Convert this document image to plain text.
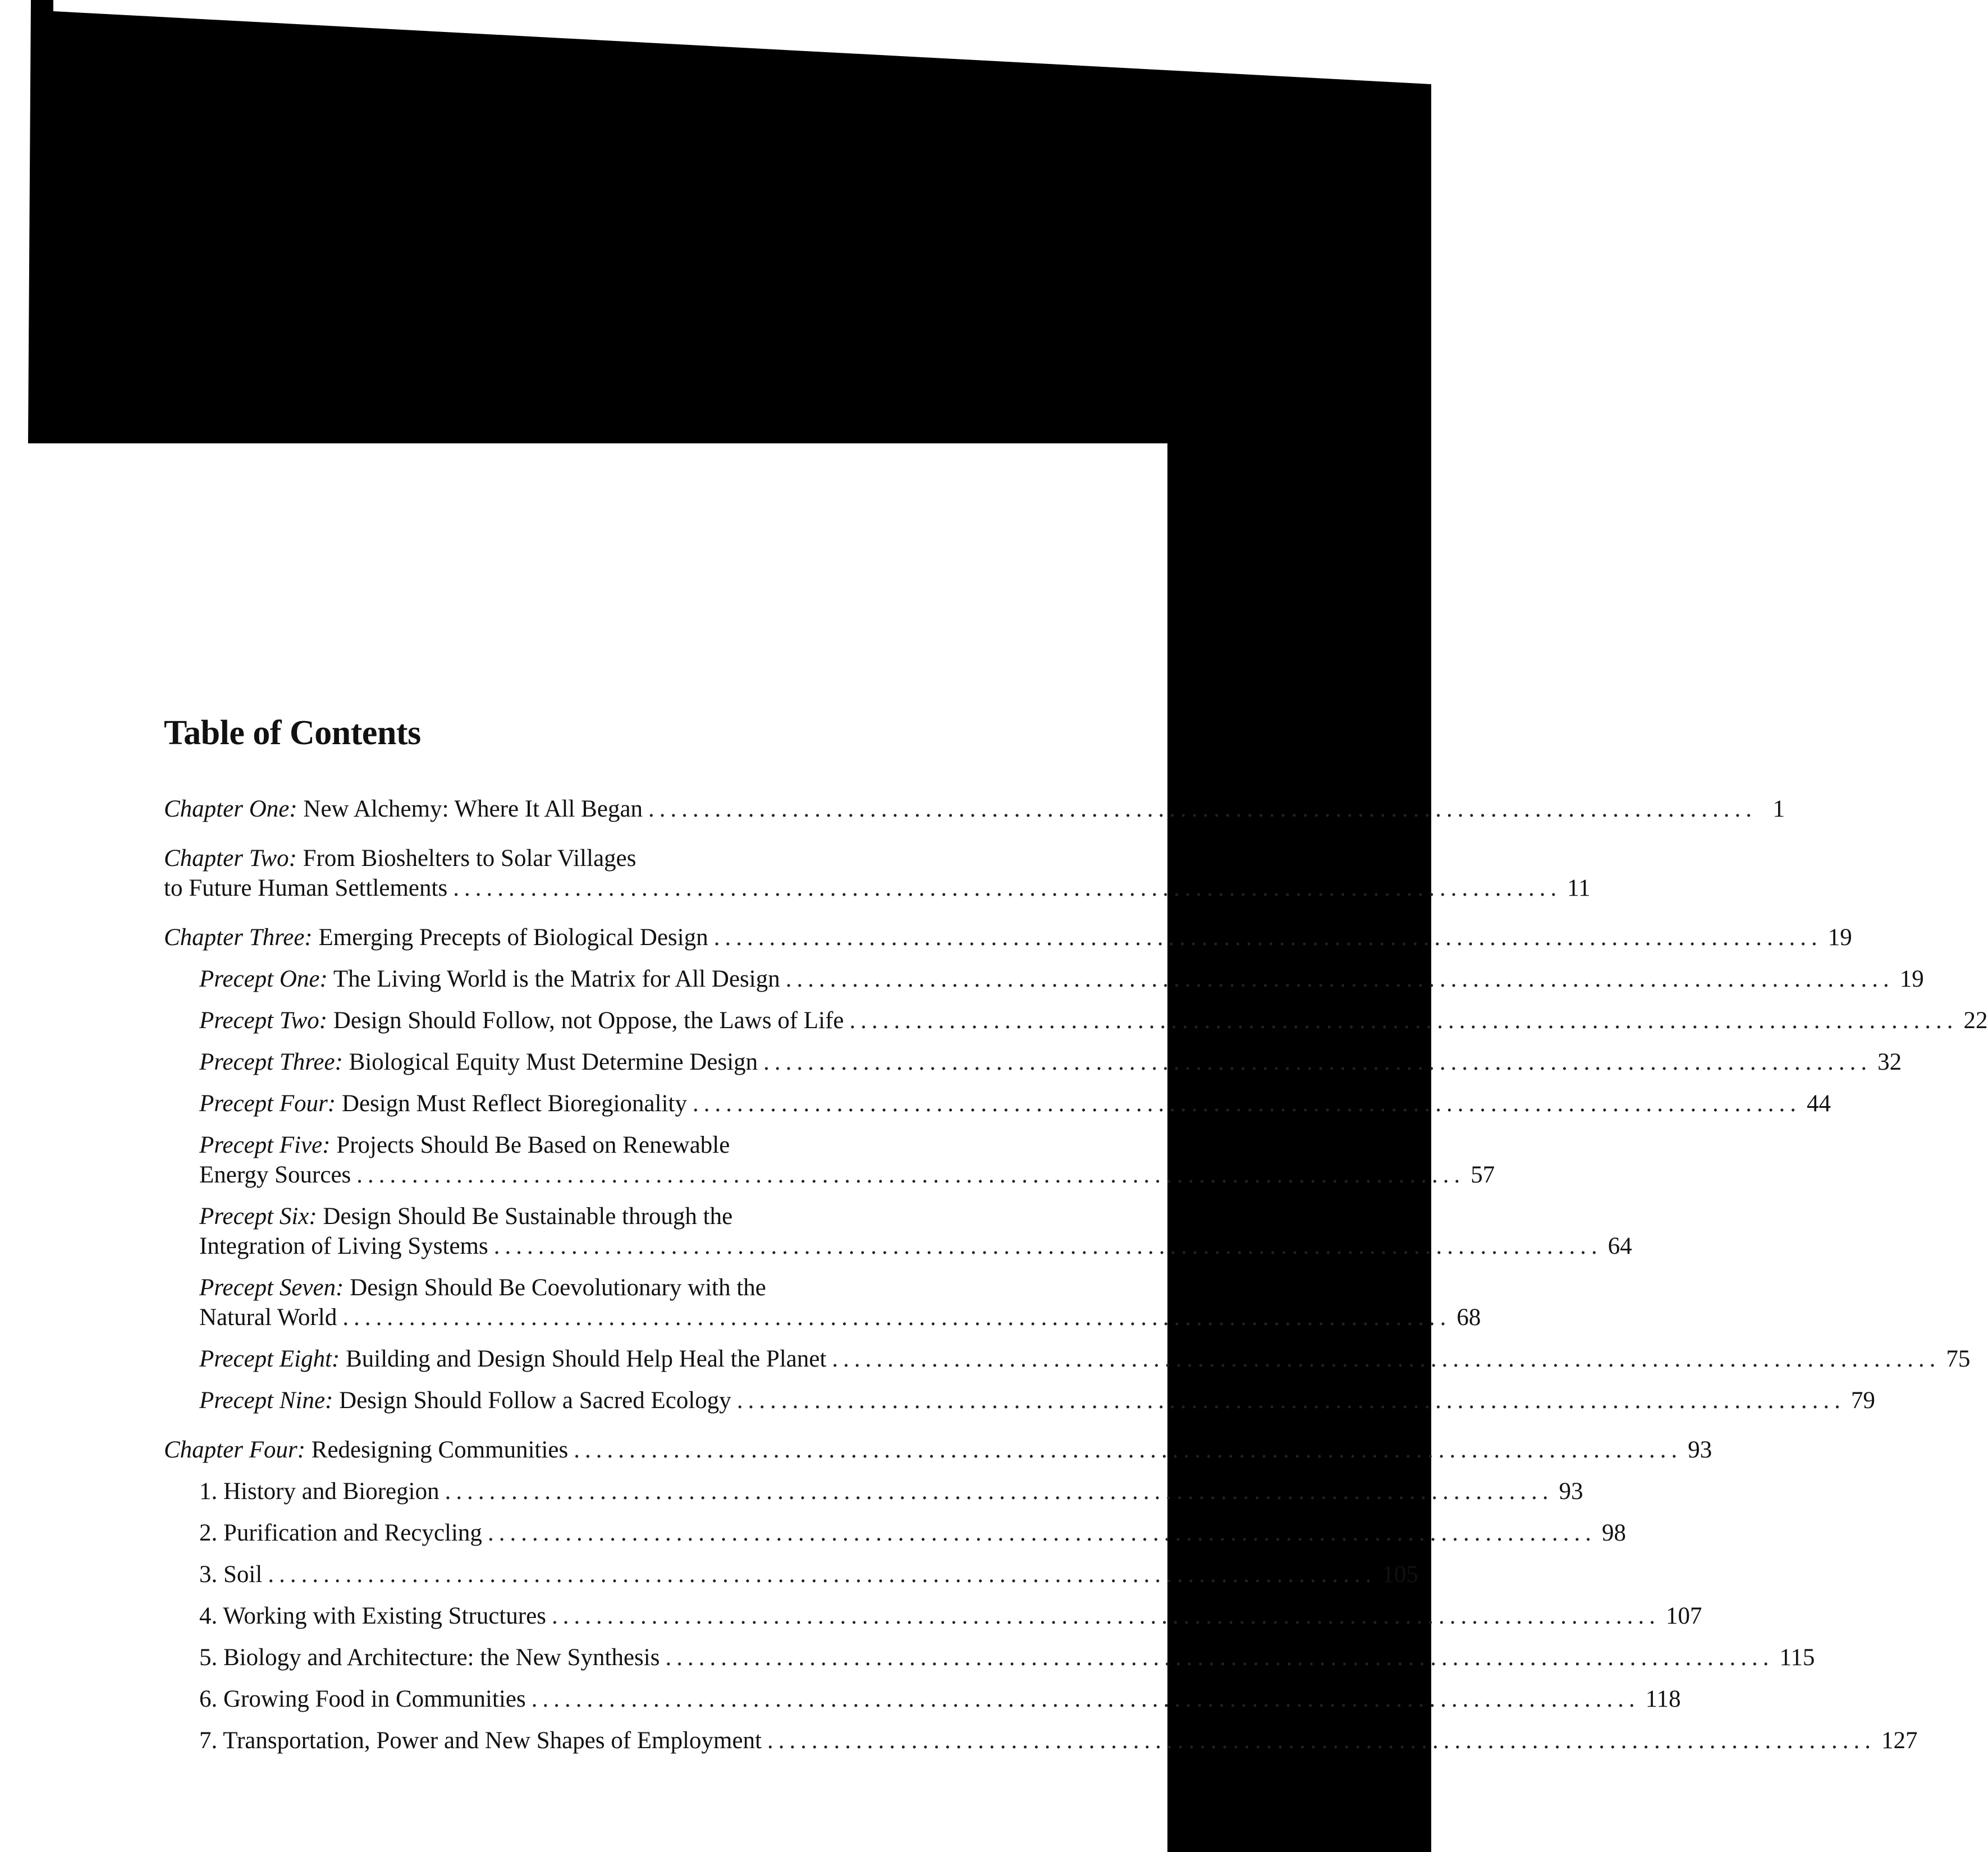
Table of Contents
Chapter One: New Alchemy: Where It All Began .................................................................................................... 1
Chapter Two: From Bioshelters to Solar Villages
to Future Human Settlements .................................................................................................... 11
Chapter Three: Emerging Precepts of Biological Design .................................................................................................... 19
Precept One: The Living World is the Matrix for All Design .................................................................................................... 19
Precept Two: Design Should Follow, not Oppose, the Laws of Life .................................................................................................... 22
Precept Three: Biological Equity Must Determine Design .................................................................................................... 32
Precept Four: Design Must Reflect Bioregionality .................................................................................................... 44
Precept Five: Projects Should Be Based on Renewable
Energy Sources .................................................................................................... 57
Precept Six: Design Should Be Sustainable through the
Integration of Living Systems .................................................................................................... 64
Precept Seven: Design Should Be Coevolutionary with the
Natural World .................................................................................................... 68
Precept Eight: Building and Design Should Help Heal the Planet .................................................................................................... 75
Precept Nine: Design Should Follow a Sacred Ecology .................................................................................................... 79
Chapter Four: Redesigning Communities .................................................................................................... 93
1. History and Bioregion .................................................................................................... 93
2. Purification and Recycling .................................................................................................... 98
3. Soil .................................................................................................... 105
4. Working with Existing Structures .................................................................................................... 107
5. Biology and Architecture: the New Synthesis .................................................................................................... 115
6. Growing Food in Communities .................................................................................................... 118
7. Transportation, Power and New Shapes of Employment .................................................................................................... 127
